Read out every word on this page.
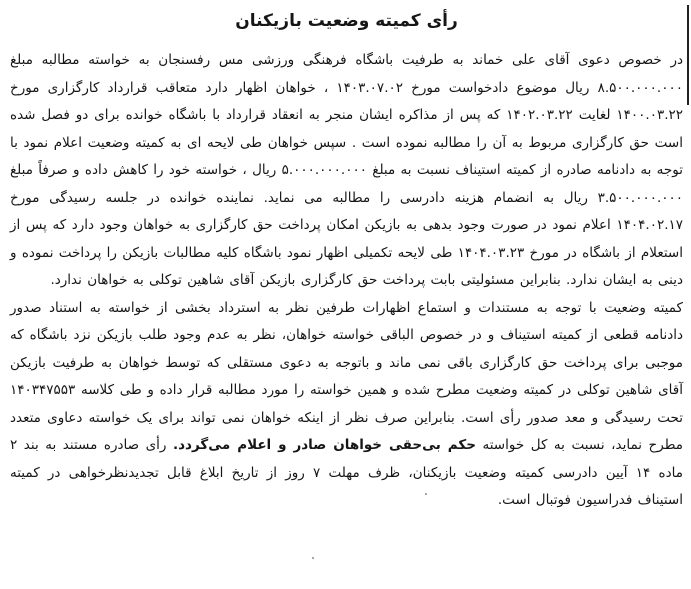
رأی کمیته وضعیت بازیکنان

در خصوص دعوی آقای علی خماند به طرفیت باشگاه فرهنگی ورزشی مس رفسنجان به خواسته مطالبه مبلغ ۸.۵۰۰.۰۰۰.۰۰۰ ریال موضوع دادخواست مورخ ۱۴۰۳.۰۷.۰۲ ، خواهان اظهار دارد متعاقب قرارداد کارگزاری مورخ ۱۴۰۰.۰۳.۲۲ لغایت ۱۴۰۲.۰۳.۲۲ که پس از مذاکره ایشان منجر به انعقاد قرارداد با باشگاه خوانده برای دو فصل شده است حق کارگزاری مربوط به آن را مطالبه نموده است . سپس خواهان طی لایحه ای به کمیته وضعیت اعلام نمود با توجه به دادنامه صادره از کمیته استیناف نسبت به مبلغ ۵.۰۰۰.۰۰۰.۰۰۰ ریال ، خواسته خود را کاهش داده و صرفاً مبلغ ۳.۵۰۰.۰۰۰.۰۰۰ ریال به انضمام هزینه دادرسی را مطالبه می نماید. نماینده خوانده در جلسه رسیدگی مورخ ۱۴۰۴.۰۲.۱۷ اعلام نمود در صورت وجود بدهی به بازیکن امکان پرداخت حق کارگزاری به خواهان وجود دارد که پس از استعلام از باشگاه در مورخ ۱۴۰۴.۰۳.۲۳ طی لایحه تکمیلی اظهار نمود باشگاه کلیه مطالبات بازیکن را پرداخت نموده و دینی به ایشان ندارد. بنابراین مسئولیتی بابت پرداخت حق کارگزاری بازیکن آقای شاهین توکلی به خواهان ندارد.

کمیته وضعیت با توجه به مستندات و استماع اظهارات طرفین نظر به استرداد بخشی از خواسته به استناد صدور دادنامه قطعی از کمیته استیناف و در خصوص الباقی خواسته خواهان، نظر به عدم وجود طلب بازیکن نزد باشگاه که موجبی برای پرداخت حق کارگزاری باقی نمی ماند و باتوجه به دعوی مستقلی که توسط خواهان به طرفیت بازیکن آقای شاهین توکلی در کمیته وضعیت مطرح شده و همین خواسته را مورد مطالبه قرار داده و طی کلاسه ۱۴۰۳۴۷۵۵۳ تحت رسیدگی و معد صدور رأی است. بنابراین صرف نظر از اینکه خواهان نمی تواند برای یک خواسته دعاوی متعدد مطرح نماید، نسبت به کل خواسته حکم بی‌حقی خواهان صادر و اعلام می‌گردد. رأی صادره مستند به بند ۲ ماده ۱۴ آیین دادرسی کمیته وضعیت بازیکنان، ظرف مهلت ۷ روز از تاریخ ابلاغ قابل تجدیدنظرخواهی در کمیته استیناف فدراسیون فوتبال است.
